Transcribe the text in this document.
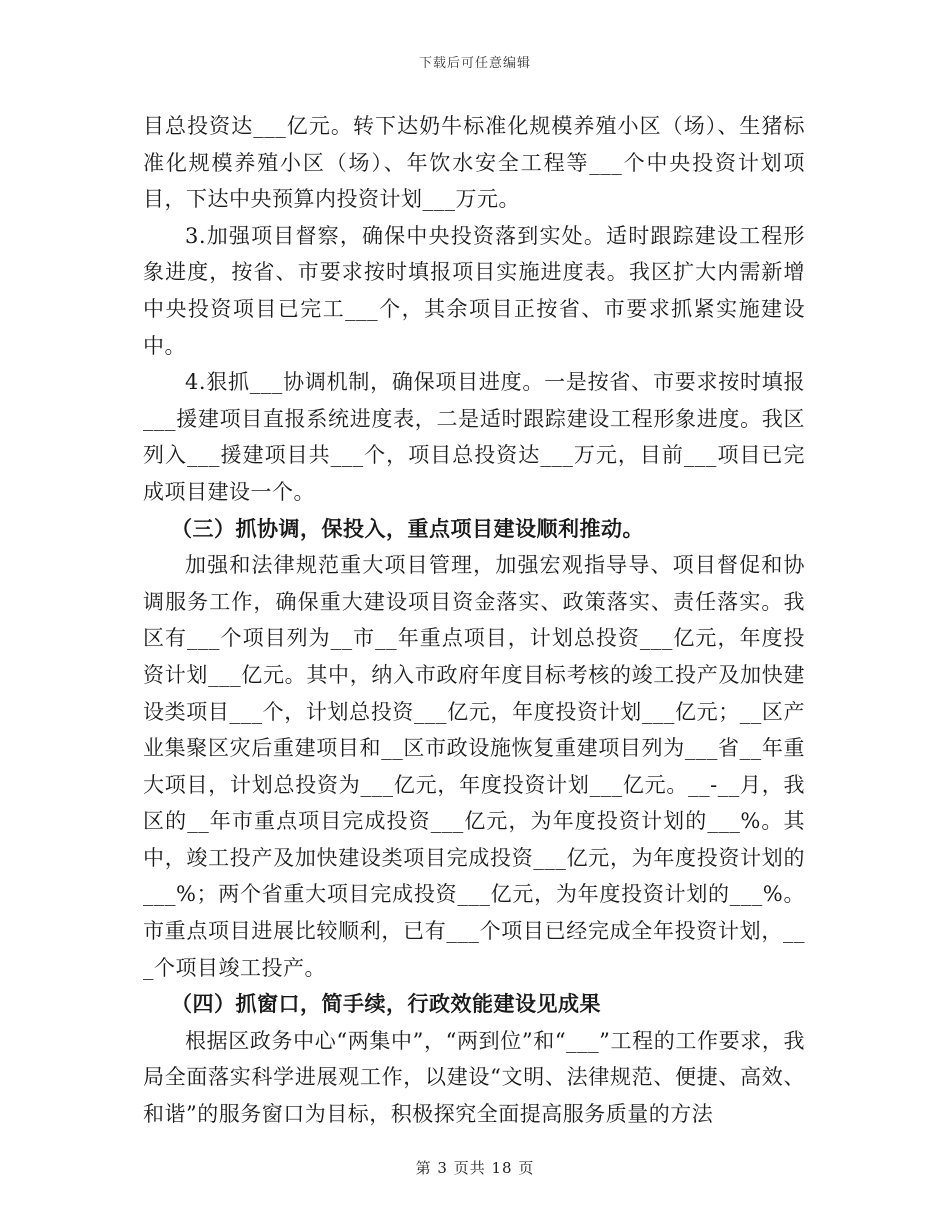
下载后可任意编辑

目总投资达___亿元。转下达奶牛标准化规模养殖小区（场）、生猪标准化规模养殖小区（场）、年饮水安全工程等___个中央投资计划项目，下达中央预算内投资计划___万元。

3.加强项目督察，确保中央投资落到实处。适时跟踪建设工程形象进度，按省、市要求按时填报项目实施进度表。我区扩大内需新增中央投资项目已完工___个，其余项目正按省、市要求抓紧实施建设中。

4.狠抓___协调机制，确保项目进度。一是按省、市要求按时填报___援建项目直报系统进度表，二是适时跟踪建设工程形象进度。我区列入___援建项目共___个，项目总投资达___万元，目前___项目已完成项目建设一个。

（三）抓协调，保投入，重点项目建设顺利推动。

加强和法律规范重大项目管理，加强宏观指导导、项目督促和协调服务工作，确保重大建设项目资金落实、政策落实、责任落实。我区有___个项目列为__市__年重点项目，计划总投资___亿元，年度投资计划___亿元。其中，纳入市政府年度目标考核的竣工投产及加快建设类项目___个，计划总投资___亿元，年度投资计划___亿元；__区产业集聚区灾后重建项目和__区市政设施恢复重建项目列为___省__年重大项目，计划总投资为___亿元，年度投资计划___亿元。__-__月，我区的__年市重点项目完成投资___亿元，为年度投资计划的___%。其中，竣工投产及加快建设类项目完成投资___亿元，为年度投资计划的___%；两个省重大项目完成投资___亿元，为年度投资计划的___%。市重点项目进展比较顺利，已有___个项目已经完成全年投资计划，___个项目竣工投产。

（四）抓窗口，简手续，行政效能建设见成果

根据区政务中心“两集中”，“两到位”和“___”工程的工作要求，我局全面落实科学进展观工作，以建设“文明、法律规范、便捷、高效、和谐”的服务窗口为目标，积极探究全面提高服务质量的方法

第 3 页共 18 页
